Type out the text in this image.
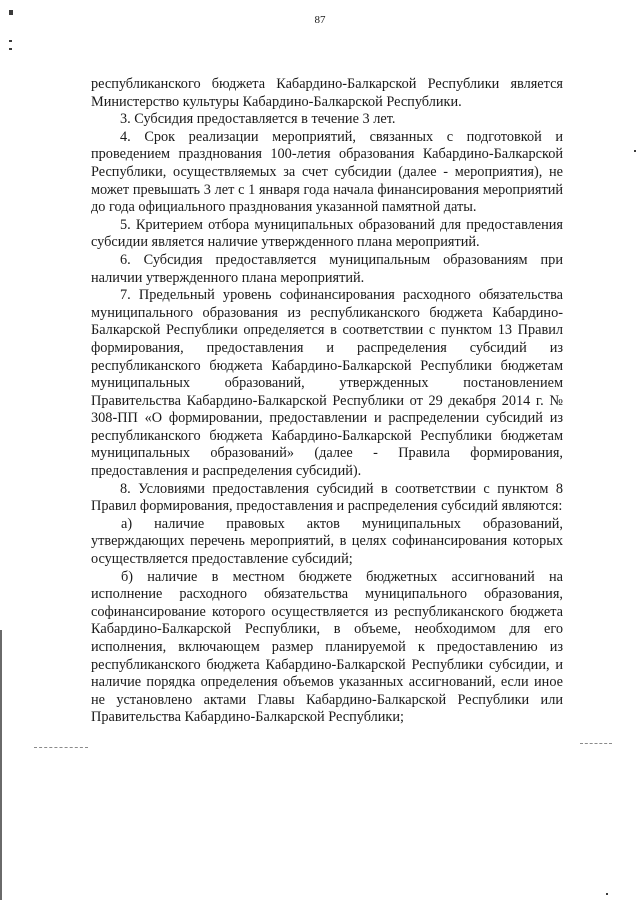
87

республиканского бюджета Кабардино-Балкарской Республики является Министерство культуры Кабардино-Балкарской Республики.

3. Субсидия предоставляется в течение 3 лет.

4. Срок реализации мероприятий, связанных с подготовкой и проведением празднования 100-летия образования Кабардино-Балкарской Республики, осуществляемых за счет субсидии (далее - мероприятия), не может превышать 3 лет с 1 января года начала финансирования мероприятий до года официального празднования указанной памятной даты.

5. Критерием отбора муниципальных образований для предоставления субсидии является наличие утвержденного плана мероприятий.

6. Субсидия предоставляется муниципальным образованиям при наличии утвержденного плана мероприятий.

7. Предельный уровень софинансирования расходного обязательства муниципального образования из республиканского бюджета Кабардино-Балкарской Республики определяется в соответствии с пунктом 13 Правил формирования, предоставления и распределения субсидий из республиканского бюджета Кабардино-Балкарской Республики бюджетам муниципальных образований, утвержденных постановлением Правительства Кабардино-Балкарской Республики от 29 декабря 2014 г. № 308-ПП «О формировании, предоставлении и распределении субсидий из республиканского бюджета Кабардино-Балкарской Республики бюджетам муниципальных образований» (далее - Правила формирования, предоставления и распределения субсидий).

8. Условиями предоставления субсидий в соответствии с пунктом 8 Правил формирования, предоставления и распределения субсидий являются:

а) наличие правовых актов муниципальных образований, утверждающих перечень мероприятий, в целях софинансирования которых осуществляется предоставление субсидий;

б) наличие в местном бюджете бюджетных ассигнований на исполнение расходного обязательства муниципального образования, софинансирование которого осуществляется из республиканского бюджета Кабардино-Балкарской Республики, в объеме, необходимом для его исполнения, включающем размер планируемой к предоставлению из республиканского бюджета Кабардино-Балкарской Республики субсидии, и наличие порядка определения объемов указанных ассигнований, если иное не установлено актами Главы Кабардино-Балкарской Республики или Правительства Кабардино-Балкарской Республики;
